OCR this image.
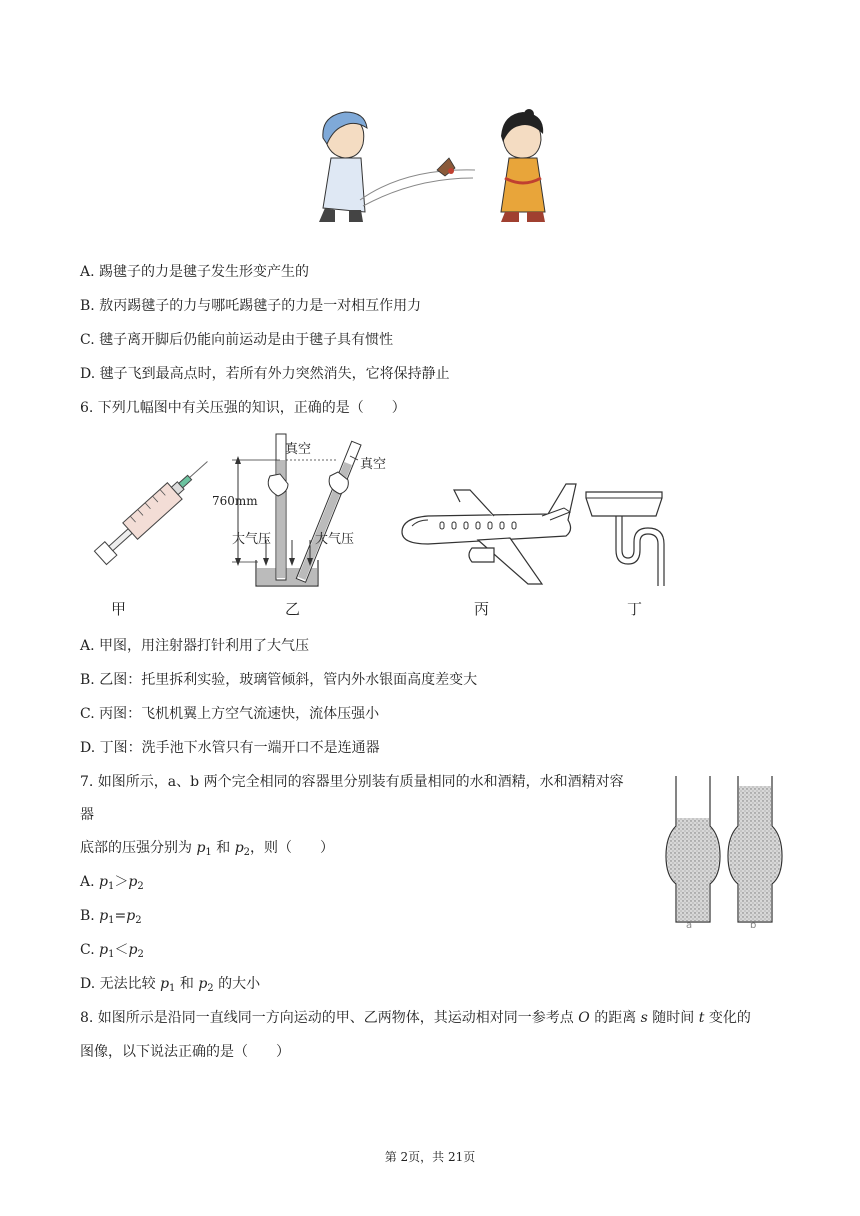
A. 踢毽子的力是毽子发生形变产生的
B. 敖丙踢毽子的力与哪吒踢毽子的力是一对相互作用力
C. 毽子离开脚后仍能向前运动是由于毽子具有惯性
D. 毽子飞到最高点时，若所有外力突然消失，它将保持静止
6. 下列几幅图中有关压强的知识，正确的是（　　）
甲
真空
真空
760mm
大气压	大气压
乙	丙	丁
A. 甲图，用注射器打针利用了大气压
B. 乙图：托里拆利实验，玻璃管倾斜，管内外水银面高度差变大
C. 丙图：飞机机翼上方空气流速快，流体压强小
D. 丁图：洗手池下水管只有一端开口不是连通器
7. 如图所示，a、b 两个完全相同的容器里分别装有质量相同的水和酒精，水和酒精对容
器
底部的压强分别为 $p_1$ 和 $p_2$，则（　　）
A. $p_1>p_2$
B. $p_1=p_2$
C. $p_1<p_2$
D. 无法比较 $p_1$ 和 $p_2$ 的大小
a	b
8. 如图所示是沿同一直线同一方向运动的甲、乙两物体，其运动相对同一参考点 O 的距离 s 随时间 t 变化的
图像，以下说法正确的是（　　）
第 2页，共 21页
